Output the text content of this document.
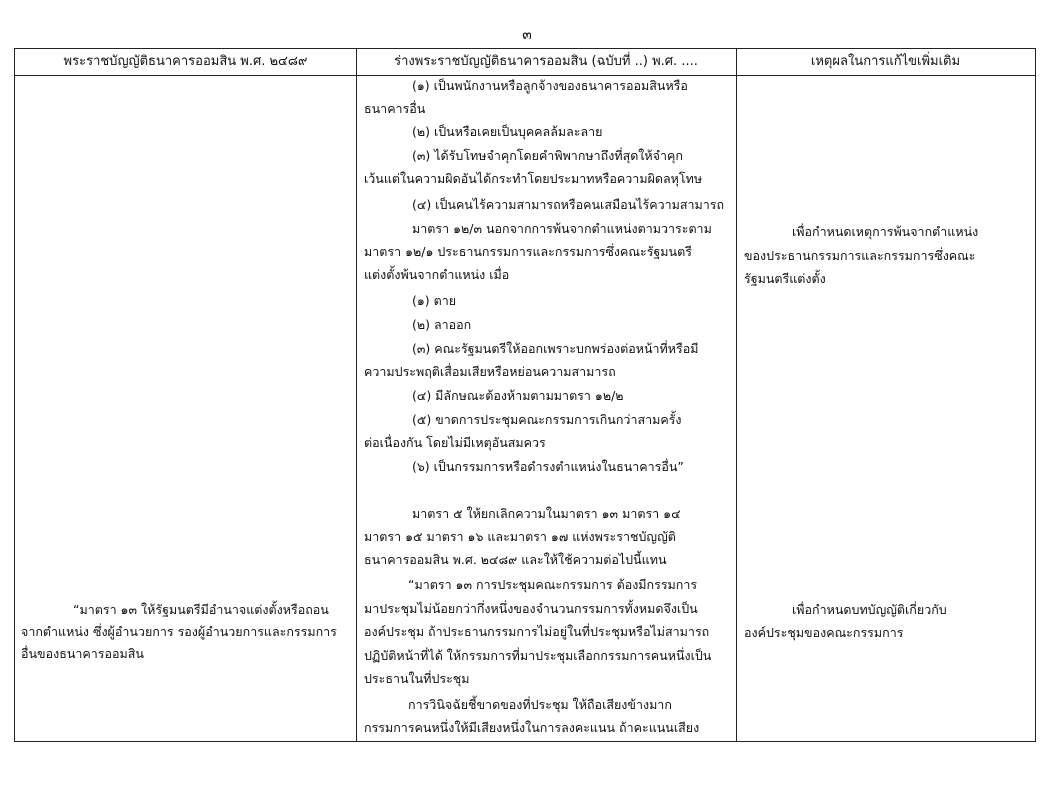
๓
พระราชบัญญัติธนาคารออมสิน พ.ศ. ๒๔๘๙	ร่างพระราชบัญญัติธนาคารออมสิน (ฉบับที่ ..) พ.ศ. ....	เหตุผลในการแก้ไขเพิ่มเติม
“มาตรา ๑๓ ให้รัฐมนตรีมีอำนาจแต่งตั้งหรือถอน
จากตำแหน่ง ซึ่งผู้อำนวยการ รองผู้อำนวยการและกรรมการ
อื่นของธนาคารออมสิน
(๑) เป็นพนักงานหรือลูกจ้างของธนาคารออมสินหรือ
ธนาคารอื่น
(๒) เป็นหรือเคยเป็นบุคคลล้มละลาย
(๓) ได้รับโทษจำคุกโดยคำพิพากษาถึงที่สุดให้จำคุก
เว้นแต่ในความผิดอันได้กระทำโดยประมาทหรือความผิดลหุโทษ
(๔) เป็นคนไร้ความสามารถหรือคนเสมือนไร้ความสามารถ
มาตรา ๑๒/๓ นอกจากการพ้นจากตำแหน่งตามวาระตาม
มาตรา ๑๒/๑ ประธานกรรมการและกรรมการซึ่งคณะรัฐมนตรี
แต่งตั้งพ้นจากตำแหน่ง เมื่อ
(๑) ตาย
(๒) ลาออก
(๓) คณะรัฐมนตรีให้ออกเพราะบกพร่องต่อหน้าที่หรือมี
ความประพฤติเสื่อมเสียหรือหย่อนความสามารถ
(๔) มีลักษณะต้องห้ามตามมาตรา ๑๒/๒
(๕) ขาดการประชุมคณะกรรมการเกินกว่าสามครั้ง
ต่อเนื่องกัน โดยไม่มีเหตุอันสมควร
(๖) เป็นกรรมการหรือดำรงตำแหน่งในธนาคารอื่น”
มาตรา ๕ ให้ยกเลิกความในมาตรา ๑๓ มาตรา ๑๔
มาตรา ๑๕ มาตรา ๑๖ และมาตรา ๑๗ แห่งพระราชบัญญัติ
ธนาคารออมสิน พ.ศ. ๒๔๘๙ และให้ใช้ความต่อไปนี้แทน
“มาตรา ๑๓ การประชุมคณะกรรมการ ต้องมีกรรมการ
มาประชุมไม่น้อยกว่ากึ่งหนึ่งของจำนวนกรรมการทั้งหมดจึงเป็น
องค์ประชุม ถ้าประธานกรรมการไม่อยู่ในที่ประชุมหรือไม่สามารถ
ปฏิบัติหน้าที่ได้ ให้กรรมการที่มาประชุมเลือกกรรมการคนหนึ่งเป็น
ประธานในที่ประชุม
การวินิจฉัยชี้ขาดของที่ประชุม ให้ถือเสียงข้างมาก
กรรมการคนหนึ่งให้มีเสียงหนึ่งในการลงคะแนน ถ้าคะแนนเสียง
เพื่อกำหนดเหตุการพ้นจากตำแหน่ง
ของประธานกรรมการและกรรมการซึ่งคณะ
รัฐมนตรีแต่งตั้ง
เพื่อกำหนดบทบัญญัติเกี่ยวกับ
องค์ประชุมของคณะกรรมการ
